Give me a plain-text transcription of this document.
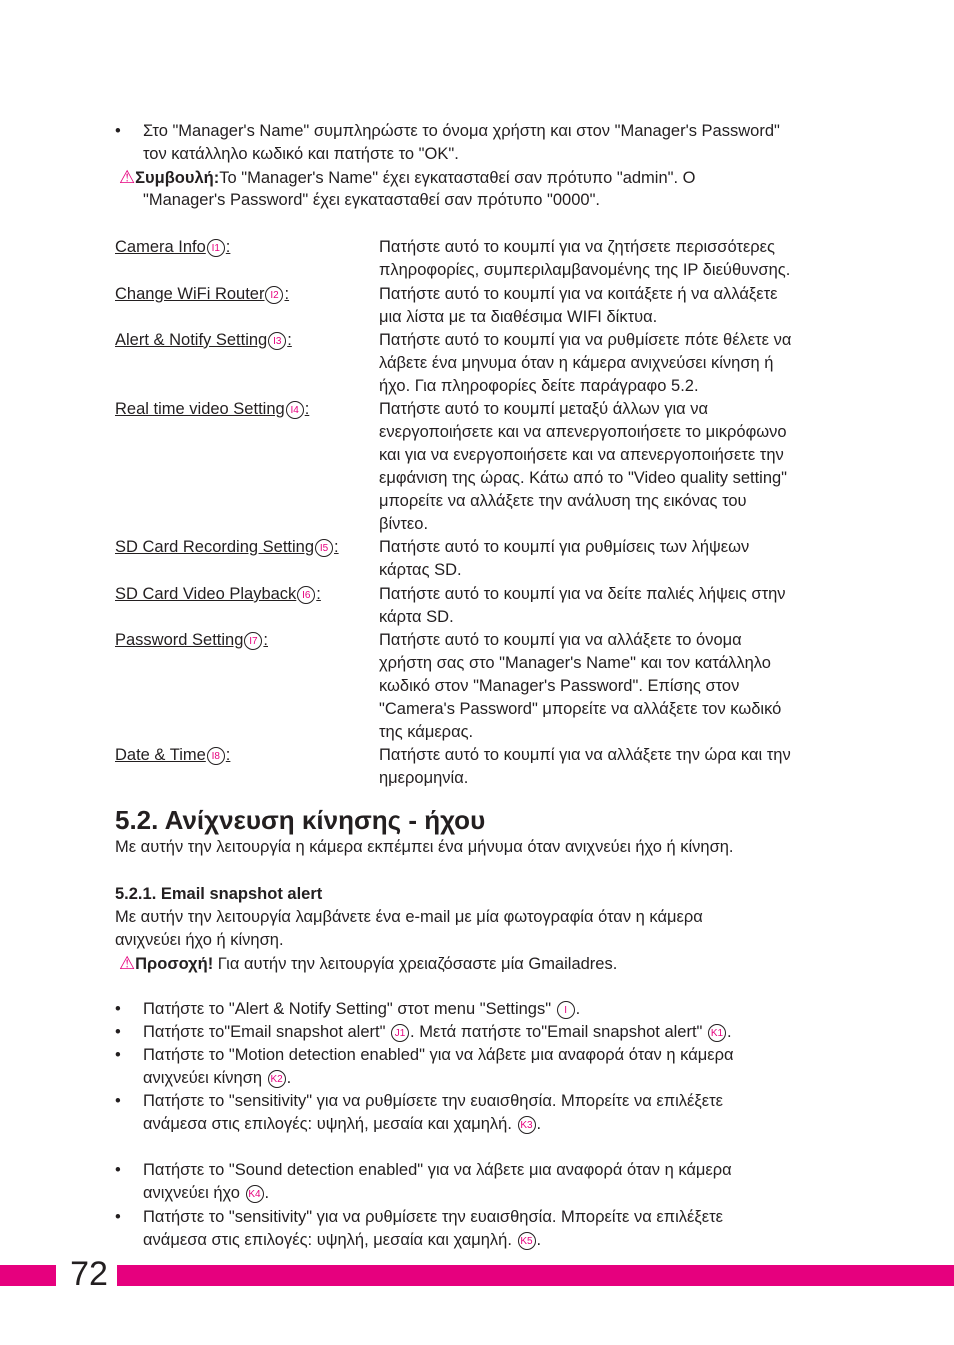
72
5.2. Ανίχνευση κίνησης - ήχου
Με αυτήν την λειτουργία η κάμερα εκπέμπει ένα μήνυμα όταν ανιχνεύει ήχο ή κίνηση.
5.2.1. Email snapshot alert
Με αυτήν την λειτουργία λαμβάνετε ένα e-mail με μία φωτογραφία όταν η κάμερα
ανιχνεύει ήχο ή κίνηση.
⚠Προσοχή! Για αυτήν την λειτουργία χρειαζόσαστε μία Gmailadres.
• Στο "Manager's Name" συμπληρώστε το όνομα χρήστη και στον "Manager's Password"
τον κατάλληλο κωδικό και πατήστε το "OK".
⚠Συμβουλή:Το "Manager's Name" έχει εγκατασταθεί σαν πρότυπο "admin". O
"Manager's Password" έχει εγκατασταθεί σαν πρότυπο "0000".
Camera Info I1 :	Πατήστε αυτό το κουμπί για να ζητήσετε περισσότερες
πληροφορίες, συμπεριλαμβανομένης της IP διεύθυνσης.
Change WiFi Router I2 :	Πατήστε αυτό το κουμπί για να κοιτάξετε ή να αλλάξετε
μια λίστα με τα διαθέσιμα WIFI δίκτυα.
Alert & Notify Setting I3 :	Πατήστε αυτό το κουμπί για να ρυθμίσετε πότε θέλετε να
λάβετε ένα μηνυμα όταν η κάμερα ανιχνεύσει κίνηση ή
ήχο. Για πληροφορίες δείτε παράγραφο 5.2.
Real time video Setting I4 :	Πατήστε αυτό το κουμπί μεταξύ άλλων για να
ενεργοποιήσετε και να απενεργοποιήσετε το μικρόφωνο
και για να ενεργοποιήσετε και να απενεργοποιήσετε την
εμφάνιση της ώρας. Κάτω από το "Video quality setting"
μπορείτε να αλλάξετε την ανάλυση της εικόνας του
βίντεο.
SD Card Recording Setting I5 : Πατήστε αυτό το κουμπί για ρυθμίσεις των λήψεων
κάρτας SD.
SD Card Video Playback I6 :	Πατήστε αυτό το κουμπί για να δείτε παλιές λήψεις στην
κάρτα SD.
Password Setting I7 :	Πατήστε αυτό το κουμπί για να αλλάξετε το όνομα
χρήστη σας στο "Manager's Name" και τον κατάλληλο
κωδικό στον "Manager's Password". Επίσης στον
"Camera's Password" μπορείτε να αλλάξετε τον κωδικό
της κάμερας.
Date & Time I8 :	Πατήστε αυτό το κουμπί για να αλλάξετε την ώρα και την
ημερομηνία.
• Πατήστε το "Alert & Notify Setting" στοτ menu "Settings" I .
• Πατήστε το"Email snapshot alert" J1 . Μετά πατήστε το"Email snapshot alert" K1 .
• Πατήστε το "Motion detection enabled" για να λάβετε μια αναφορά όταν η κάμερα
ανιχνεύει κίνηση K2 .
• Πατήστε το "sensitivity" για να ρυθμίσετε την ευαισθησία. Μπορείτε να επιλέξετε
ανάμεσα στις επιλογές: υψηλή, μεσαία και χαμηλή. K3 .
• Πατήστε το "Sound detection enabled" για να λάβετε μια αναφορά όταν η κάμερα
ανιχνεύει ήχο K4 .
• Πατήστε το "sensitivity" για να ρυθμίσετε την ευαισθησία. Μπορείτε να επιλέξετε
ανάμεσα στις επιλογές: υψηλή, μεσαία και χαμηλή. K5 .
